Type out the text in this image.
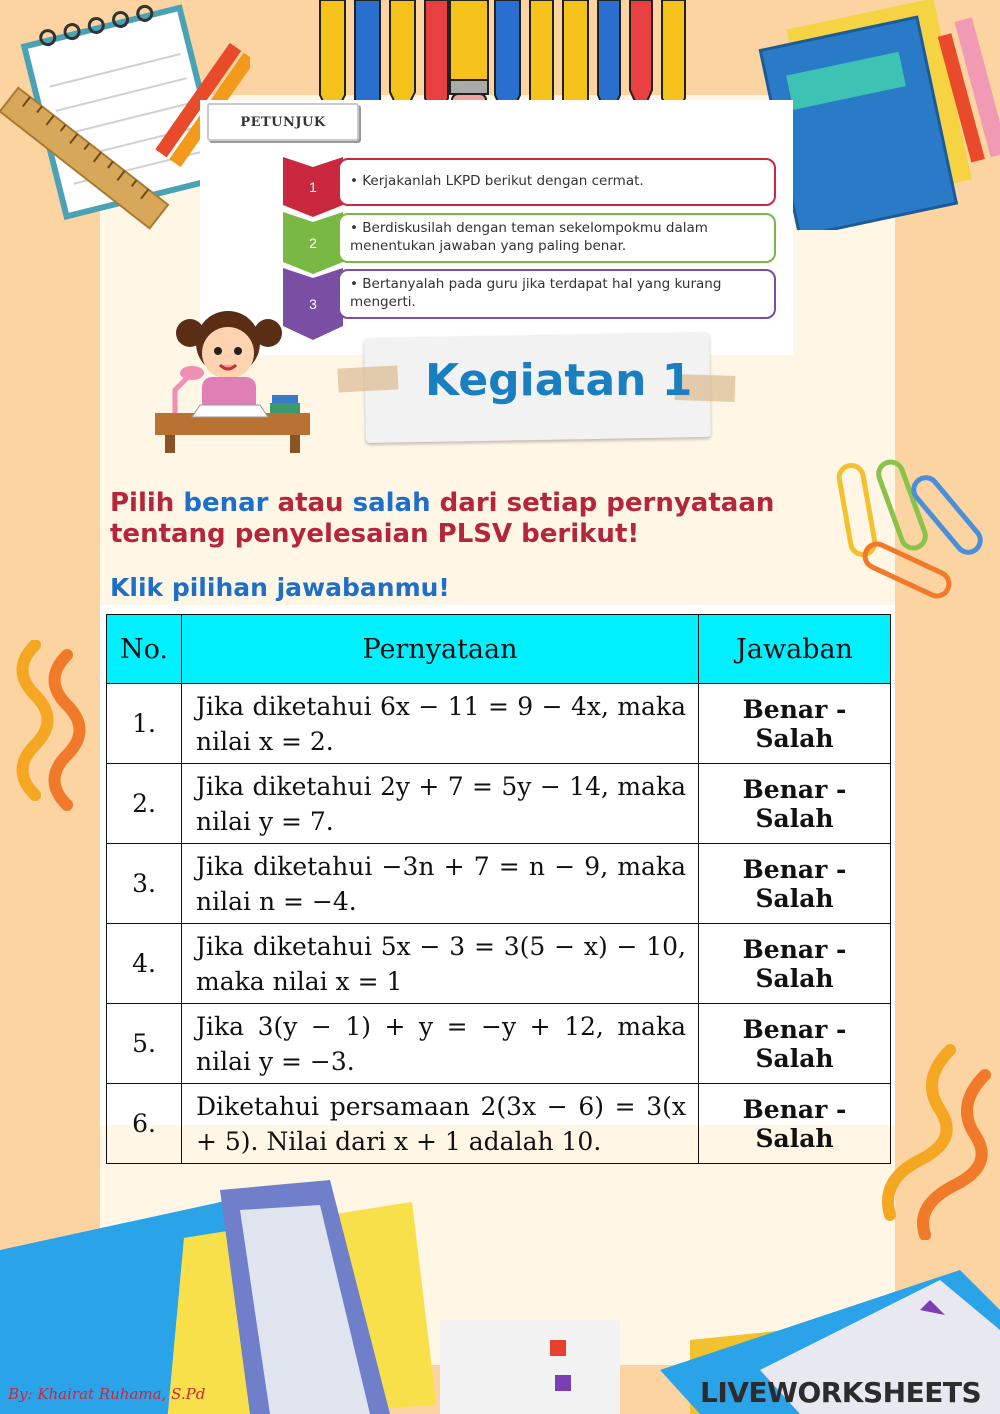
PETUNJUK
1	• Kerjakanlah LKPD berikut dengan cermat.
2
• Berdiskusilah dengan teman sekelompokmu dalam menentukan jawaban yang paling benar.
3
• Bertanyalah pada guru jika terdapat hal yang kurang mengerti.
Kegiatan 1
Pilih benar atau salah dari setiap pernyataan tentang penyelesaian PLSV berikut!
Klik pilihan jawabanmu!
No.	Pernyataan	Jawaban
1.	Jika diketahui 6x − 11 = 9 − 4x, maka nilai x = 2.	Benar - Salah
2.	Jika diketahui 2y + 7 = 5y − 14, maka nilai y = 7.	Benar - Salah
3.	Jika diketahui −3n + 7 = n − 9, maka nilai n = −4.	Benar - Salah
4.	Jika diketahui 5x − 3 = 3(5 − x) − 10, maka nilai x = 1	Benar - Salah
5.	Jika 3(y − 1) + y = −y + 12, maka nilai y = −3.	Benar - Salah
6.	Diketahui persamaan 2(3x − 6) = 3(x + 5). Nilai dari x + 1 adalah 10.	Benar - Salah
By: Khairat Ruhama, S.Pd	LIVEWORKSHEETS
